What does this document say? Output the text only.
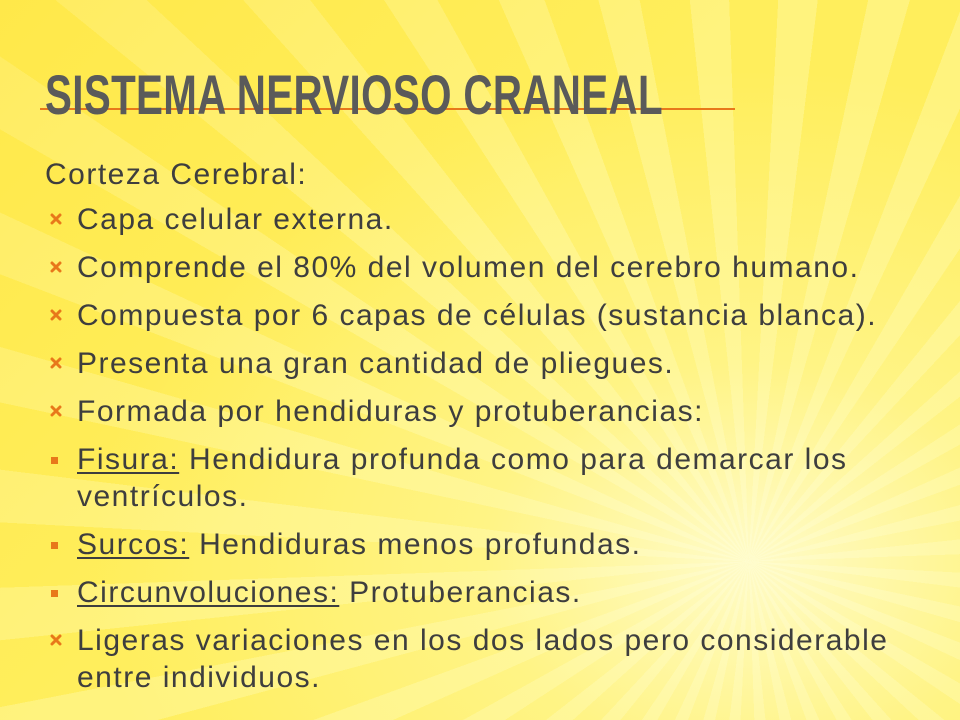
SISTEMA NERVIOSO CRANEAL

Corteza Cerebral:

Capa celular externa.
Comprende el 80% del volumen del cerebro humano.
Compuesta por 6 capas de células (sustancia blanca).
Presenta una gran cantidad de pliegues.
Formada por hendiduras y protuberancias:
Fisura: Hendidura profunda como para demarcar los ventrículos.
Surcos: Hendiduras menos profundas.
Circunvoluciones: Protuberancias.
Ligeras variaciones en los dos lados pero considerable entre individuos.
